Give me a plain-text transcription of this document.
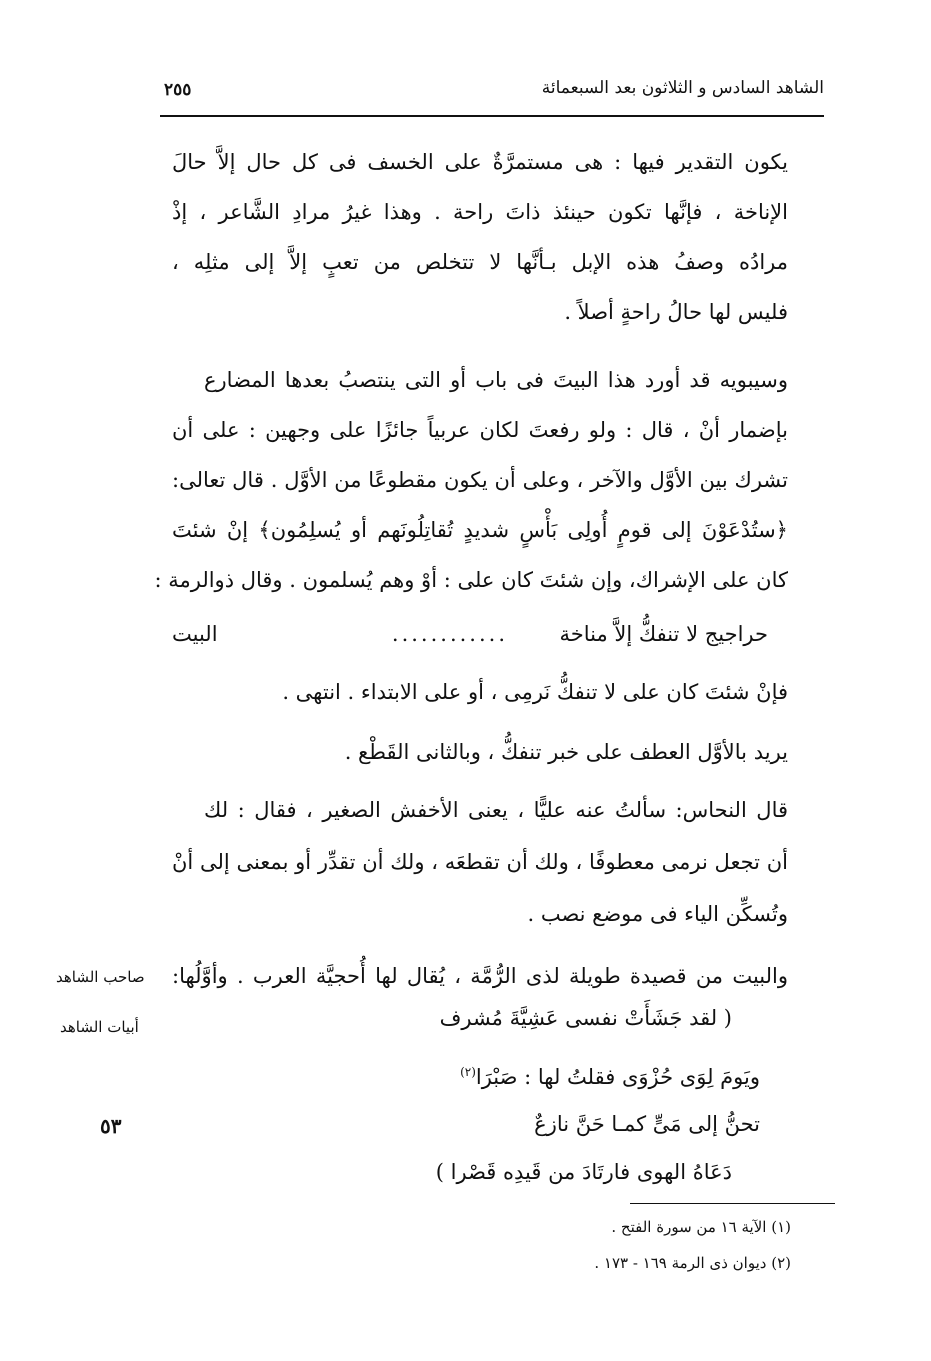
الشاهد السادس و الثلاثون بعد السبعمائة
٢٥٥
يكون التقدير فيها : هى مستمرَّةٌ على الخسف فى كل حال إلاَّ حالَ
الإناخة ، فإنَّها تكون حينئذ ذاتَ راحة . وهذا غيرُ مرادِ الشَّاعر ، إذْ
مرادُه وصفُ هذه الإبل بـأنَّها لا تتخلص من تعبٍ إلاَّ إلى مثلِه ،
فليس لها حالُ راحةٍ أصلاً .
وسيبويه قد أورد هذا البيتَ فى باب أو التى ينتصبُ بعدها المضارع
بإضمار أنْ ، قال : ولو رفعتَ لكان عربياً جائزًا على وجهين : على أن
تشرك بين الأوَّل والآخر ، وعلى أن يكون مقطوعًا من الأوَّل . قال تعالى:
﴿ستُدْعَوْنَ إلى قومٍ أُولِى بَأْسٍ شديدٍ تُقاتِلُونَهم أو يُسلِمُون﴾ إنْ شئتَ
كان على الإشراك، وإن شئتَ كان على : أوْ وهم يُسلمون . وقال ذوالرمة :
حراجيج لا تنفكُّ إلاَّ مناخة
............
البيت
فإنْ شئتَ كان على لا تنفكُّ نَرمِى ، أو على الابتداء . انتهى .
يريد بالأوَّل العطف على خبر تنفكُّ ، وبالثانى القَطْع .
قال النحاس: سألتُ عنه عليًّا ، يعنى الأخفش الصغير ، فقال : لك
أن تجعل نرمى معطوفًا ، ولك أن تقطعَه ، ولك أن تقدِّر أو بمعنى إلى أنْ
وتُسكِّن الياء فى موضع نصب .
والبيت من قصيدة طويلة لذى الرُّمَّة ، يُقال لها أُحجيَّة العرب . وأوَّلُها:
( لقد جَشَأَتْ نفسى عَشِيَّةَ مُشرف
ويَومَ لِوَى حُزْوَى فقلتُ لها : صَبْرَا$^{(٢)}$
تحنُّ إلى مَىٍّ كمـا حَنَّ نازعٌ
دَعَاهُ الهوى فارتَادَ من قَيدِه قَصْرا )
صاحب الشاهد
أبيات الشاهد
٥٣
(١) الآية ١٦ من سورة الفتح .
(٢) ديوان ذى الرمة ١٦٩ - ١٧٣ .
